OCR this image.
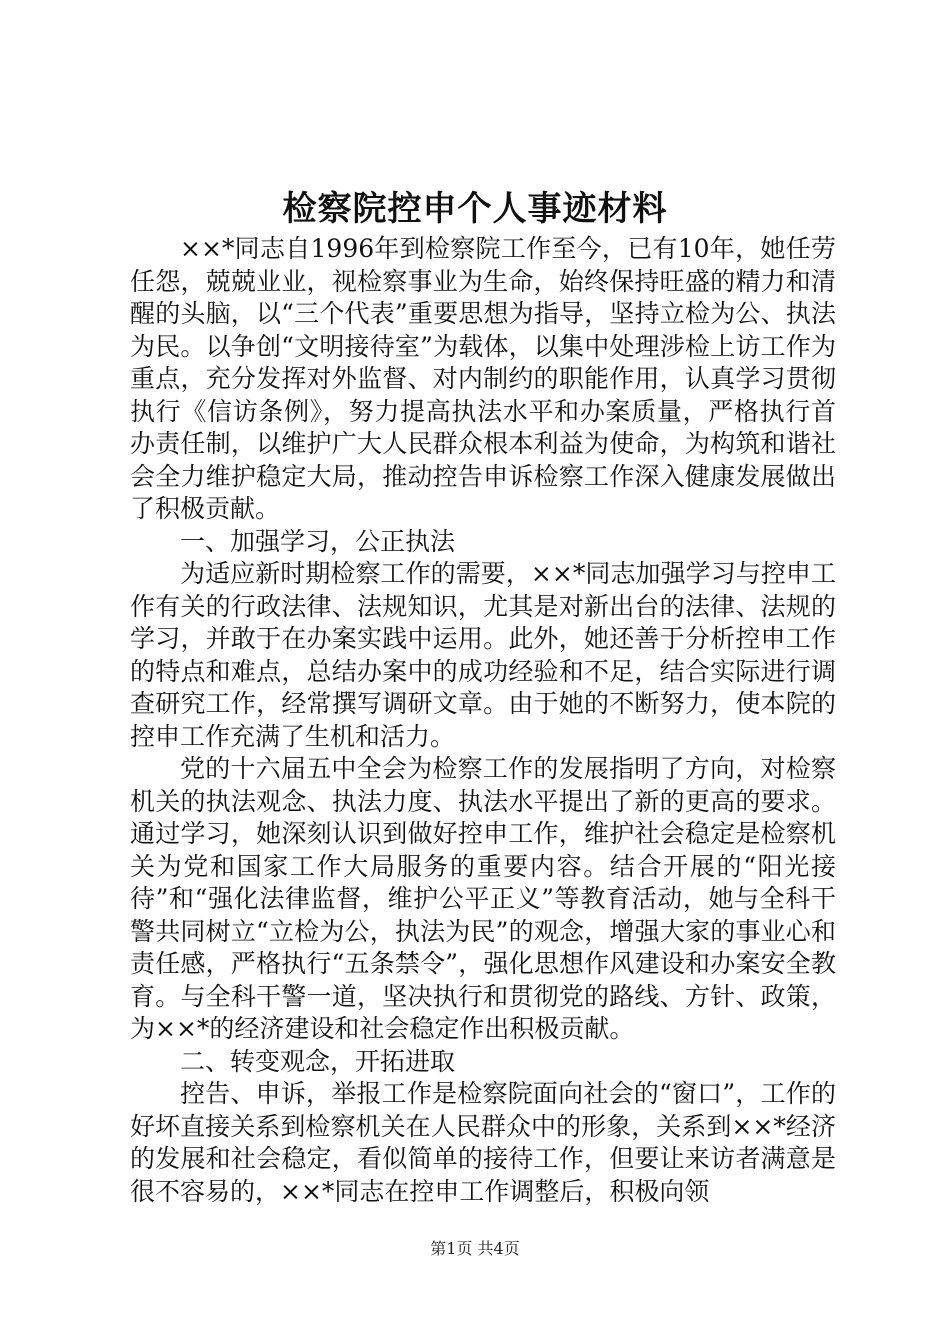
检察院控申个人事迹材料

××*同志自1996年到检察院工作至今，已有10年，她任劳任怨，兢兢业业，视检察事业为生命，始终保持旺盛的精力和清醒的头脑，以“三个代表”重要思想为指导，坚持立检为公、执法为民。以争创“文明接待室”为载体，以集中处理涉检上访工作为重点，充分发挥对外监督、对内制约的职能作用，认真学习贯彻执行《信访条例》，努力提高执法水平和办案质量，严格执行首办责任制，以维护广大人民群众根本利益为使命，为构筑和谐社会全力维护稳定大局，推动控告申诉检察工作深入健康发展做出了积极贡献。

一、加强学习，公正执法

为适应新时期检察工作的需要，××*同志加强学习与控申工作有关的行政法律、法规知识，尤其是对新出台的法律、法规的学习，并敢于在办案实践中运用。此外，她还善于分析控申工作的特点和难点，总结办案中的成功经验和不足，结合实际进行调查研究工作，经常撰写调研文章。由于她的不断努力，使本院的控申工作充满了生机和活力。

党的十六届五中全会为检察工作的发展指明了方向，对检察机关的执法观念、执法力度、执法水平提出了新的更高的要求。通过学习，她深刻认识到做好控申工作，维护社会稳定是检察机关为党和国家工作大局服务的重要内容。结合开展的“阳光接待”和“强化法律监督，维护公平正义”等教育活动，她与全科干警共同树立“立检为公，执法为民”的观念，增强大家的事业心和责任感，严格执行“五条禁令”，强化思想作风建设和办案安全教育。与全科干警一道，坚决执行和贯彻党的路线、方针、政策，为××*的经济建设和社会稳定作出积极贡献。

二、转变观念，开拓进取

控告、申诉，举报工作是检察院面向社会的“窗口”，工作的好坏直接关系到检察机关在人民群众中的形象，关系到××*经济的发展和社会稳定，看似简单的接待工作，但要让来访者满意是很不容易的，××*同志在控申工作调整后，积极向领

第1页 共4页
